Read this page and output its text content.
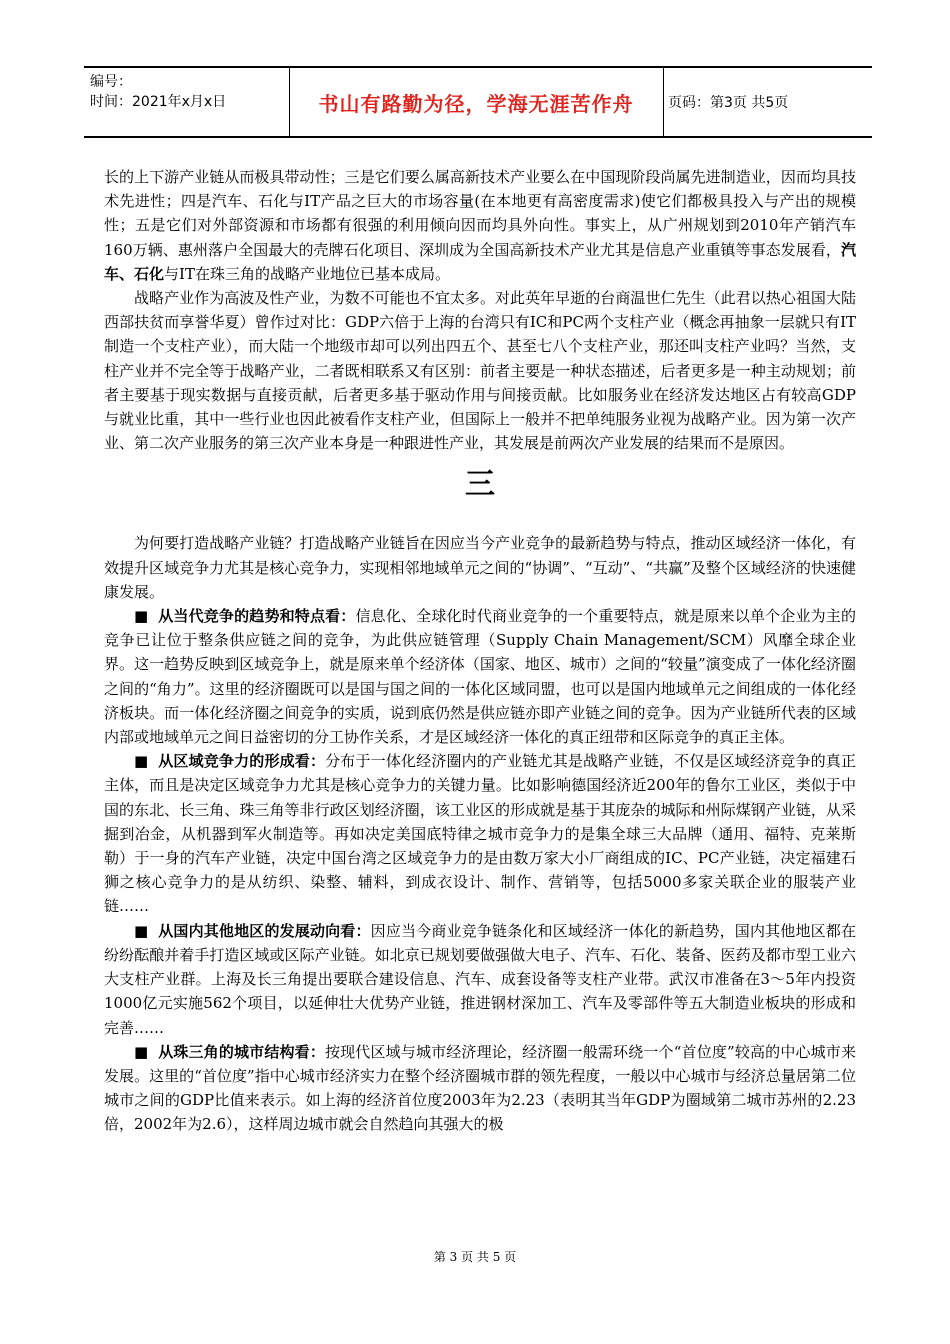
编号：
时间：2021年x月x日	书山有路勤为径，学海无涯苦作舟	页码：第3页 共5页

长的上下游产业链从而极具带动性；三是它们要么属高新技术产业要么在中国现阶段尚属先进制造业，因而均具技术先进性；四是汽车、石化与IT产品之巨大的市场容量(在本地更有高密度需求)使它们都极具投入与产出的规模性；五是它们对外部资源和市场都有很强的利用倾向因而均具外向性。事实上，从广州规划到2010年产销汽车160万辆、惠州落户全国最大的壳牌石化项目、深圳成为全国高新技术产业尤其是信息产业重镇等事态发展看，汽车、石化与IT在珠三角的战略产业地位已基本成局。

战略产业作为高波及性产业，为数不可能也不宜太多。对此英年早逝的台商温世仁先生（此君以热心祖国大陆西部扶贫而享誉华夏）曾作过对比：GDP六倍于上海的台湾只有IC和PC两个支柱产业（概念再抽象一层就只有IT制造一个支柱产业），而大陆一个地级市却可以列出四五个、甚至七八个支柱产业，那还叫支柱产业吗？当然，支柱产业并不完全等于战略产业，二者既相联系又有区别：前者主要是一种状态描述，后者更多是一种主动规划；前者主要基于现实数据与直接贡献，后者更多基于驱动作用与间接贡献。比如服务业在经济发达地区占有较高GDP与就业比重，其中一些行业也因此被看作支柱产业，但国际上一般并不把单纯服务业视为战略产业。因为第一次产业、第二次产业服务的第三次产业本身是一种跟进性产业，其发展是前两次产业发展的结果而不是原因。

三

为何要打造战略产业链？打造战略产业链旨在因应当今产业竞争的最新趋势与特点，推动区域经济一体化，有效提升区域竞争力尤其是核心竞争力，实现相邻地域单元之间的“协调”、“互动”、“共赢”及整个区域经济的快速健康发展。

■ 从当代竞争的趋势和特点看：信息化、全球化时代商业竞争的一个重要特点，就是原来以单个企业为主的竞争已让位于整条供应链之间的竞争，为此供应链管理（Supply Chain Management/SCM）风靡全球企业界。这一趋势反映到区域竞争上，就是原来单个经济体（国家、地区、城市）之间的“较量”演变成了一体化经济圈之间的“角力”。这里的经济圈既可以是国与国之间的一体化区域同盟，也可以是国内地域单元之间组成的一体化经济板块。而一体化经济圈之间竞争的实质，说到底仍然是供应链亦即产业链之间的竞争。因为产业链所代表的区域内部或地域单元之间日益密切的分工协作关系，才是区域经济一体化的真正纽带和区际竞争的真正主体。

■ 从区域竞争力的形成看：分布于一体化经济圈内的产业链尤其是战略产业链，不仅是区域经济竞争的真正主体，而且是决定区域竞争力尤其是核心竞争力的关键力量。比如影响德国经济近200年的鲁尔工业区，类似于中国的东北、长三角、珠三角等非行政区划经济圈，该工业区的形成就是基于其庞杂的城际和州际煤钢产业链，从采掘到冶金，从机器到军火制造等。再如决定美国底特律之城市竞争力的是集全球三大品牌（通用、福特、克莱斯勒）于一身的汽车产业链，决定中国台湾之区域竞争力的是由数万家大小厂商组成的IC、PC产业链，决定福建石狮之核心竞争力的是从纺织、染整、辅料，到成衣设计、制作、营销等，包括5000多家关联企业的服装产业链……

■ 从国内其他地区的发展动向看：因应当今商业竞争链条化和区域经济一体化的新趋势，国内其他地区都在纷纷酝酿并着手打造区域或区际产业链。如北京已规划要做强做大电子、汽车、石化、装备、医药及都市型工业六大支柱产业群。上海及长三角提出要联合建设信息、汽车、成套设备等支柱产业带。武汉市准备在3～5年内投资1000亿元实施562个项目，以延伸壮大优势产业链，推进钢材深加工、汽车及零部件等五大制造业板块的形成和完善……

■ 从珠三角的城市结构看：按现代区域与城市经济理论，经济圈一般需环绕一个“首位度”较高的中心城市来发展。这里的“首位度”指中心城市经济实力在整个经济圈城市群的领先程度，一般以中心城市与经济总量居第二位城市之间的GDP比值来表示。如上海的经济首位度2003年为2.23（表明其当年GDP为圈域第二城市苏州的2.23倍，2002年为2.6），这样周边城市就会自然趋向其强大的极

第 3 页 共 5 页
